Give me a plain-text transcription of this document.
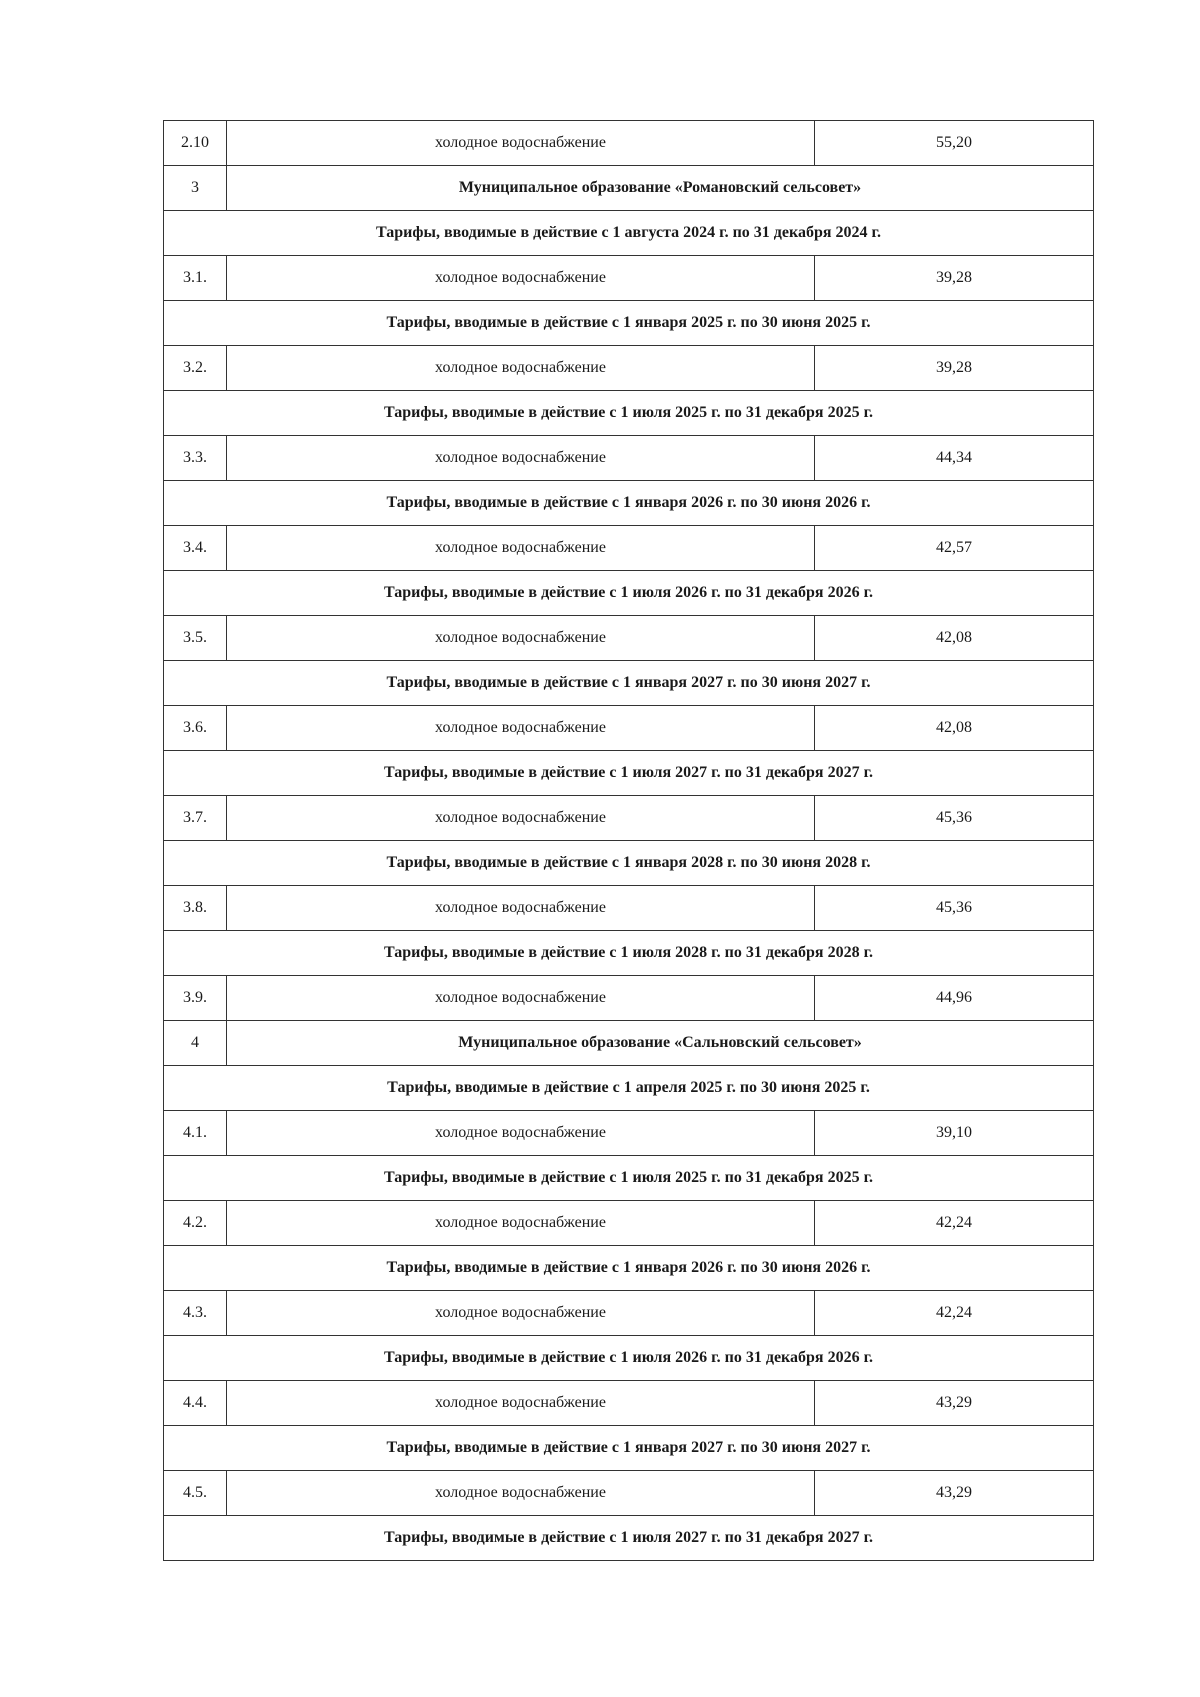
2.10	холодное водоснабжение	55,20
3	Муниципальное образование «Романовский сельсовет»	
Тарифы, вводимые в действие с 1 августа 2024 г. по 31 декабря 2024 г.		
3.1.	холодное водоснабжение	39,28
Тарифы, вводимые в действие с 1 января 2025 г. по 30 июня 2025 г.		
3.2.	холодное водоснабжение	39,28
Тарифы, вводимые в действие с 1 июля 2025 г. по 31 декабря 2025 г.		
3.3.	холодное водоснабжение	44,34
Тарифы, вводимые в действие с 1 января 2026 г. по 30 июня 2026 г.		
3.4.	холодное водоснабжение	42,57
Тарифы, вводимые в действие с 1 июля 2026 г. по 31 декабря 2026 г.		
3.5.	холодное водоснабжение	42,08
Тарифы, вводимые в действие с 1 января 2027 г. по 30 июня 2027 г.		
3.6.	холодное водоснабжение	42,08
Тарифы, вводимые в действие с 1 июля 2027 г. по 31 декабря 2027 г.		
3.7.	холодное водоснабжение	45,36
Тарифы, вводимые в действие с 1 января 2028 г. по 30 июня 2028 г.		
3.8.	холодное водоснабжение	45,36
Тарифы, вводимые в действие с 1 июля 2028 г. по 31 декабря 2028 г.		
3.9.	холодное водоснабжение	44,96
4	Муниципальное образование «Сальновский сельсовет»	
Тарифы, вводимые в действие с 1 апреля 2025 г. по 30 июня 2025 г.		
4.1.	холодное водоснабжение	39,10
Тарифы, вводимые в действие с 1 июля 2025 г. по 31 декабря 2025 г.		
4.2.	холодное водоснабжение	42,24
Тарифы, вводимые в действие с 1 января 2026 г. по 30 июня 2026 г.		
4.3.	холодное водоснабжение	42,24
Тарифы, вводимые в действие с 1 июля 2026 г. по 31 декабря 2026 г.		
4.4.	холодное водоснабжение	43,29
Тарифы, вводимые в действие с 1 января 2027 г. по 30 июня 2027 г.		
4.5.	холодное водоснабжение	43,29
Тарифы, вводимые в действие с 1 июля 2027 г. по 31 декабря 2027 г.		
